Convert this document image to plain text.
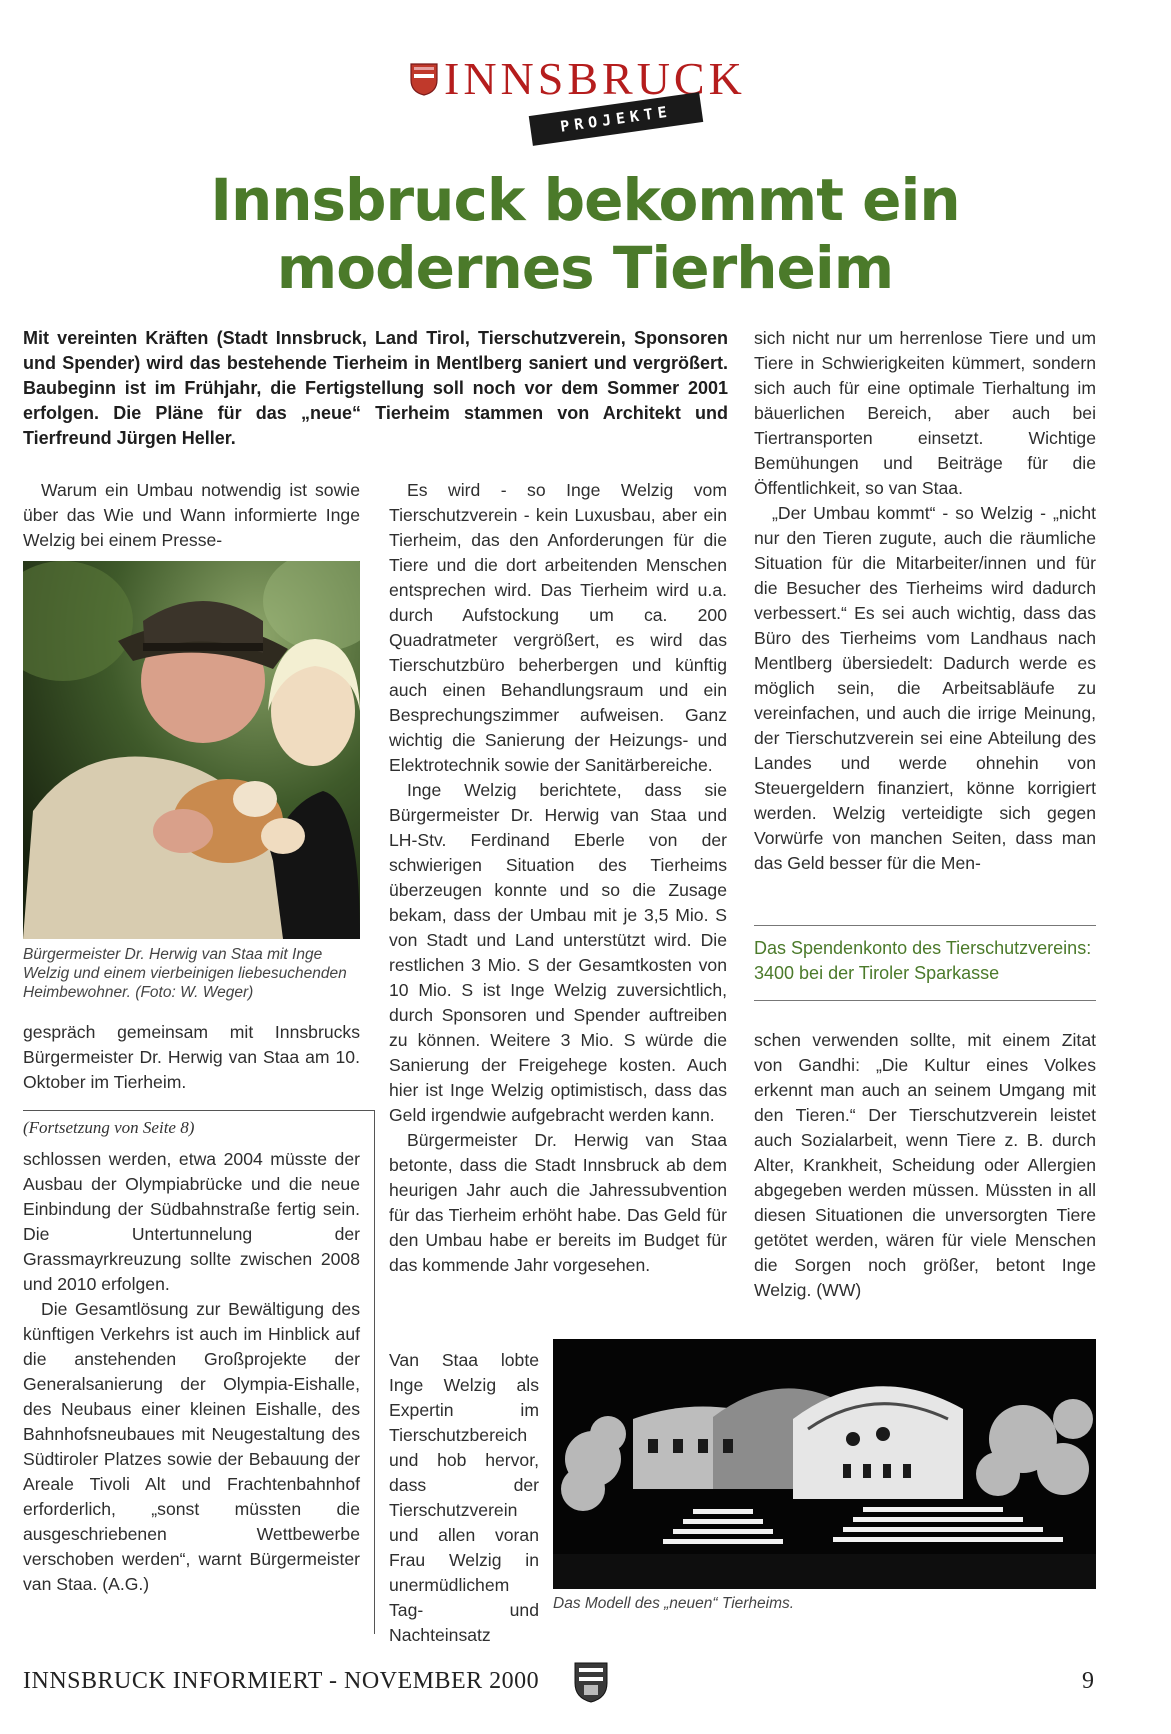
INNSBRUCK
PROJEKTE
Innsbruck bekommt ein
modernes Tierheim

Mit vereinten Kräften (Stadt Innsbruck, Land Tirol, Tierschutzverein, Sponsoren und Spender) wird das bestehende Tierheim in Mentlberg saniert und vergrößert. Baubeginn ist im Frühjahr, die Fertigstellung soll noch vor dem Sommer 2001 erfolgen. Die Pläne für das „neue“ Tierheim stammen von Architekt und Tierfreund Jürgen Heller.

Warum ein Umbau notwendig ist sowie über das Wie und Wann informierte Inge Welzig bei einem Presse-

Bürgermeister Dr. Herwig van Staa mit Inge Welzig und einem vierbeinigen liebesuchenden Heimbewohner. (Foto: W. Weger)

gespräch gemeinsam mit Innsbrucks Bürgermeister Dr. Herwig van Staa am 10. Oktober im Tierheim.

(Fortsetzung von Seite 8)

schlossen werden, etwa 2004 müsste der Ausbau der Olympiabrücke und die neue Einbindung der Südbahnstraße fertig sein. Die Untertunnelung der Grassmayrkreuzung sollte zwischen 2008 und 2010 erfolgen.

Die Gesamtlösung zur Bewältigung des künftigen Verkehrs ist auch im Hinblick auf die anstehenden Großprojekte der Generalsanierung der Olympia-Eishalle, des Neubaus einer kleinen Eishalle, des Bahnhofsneubaues mit Neugestaltung des Südtiroler Platzes sowie der Bebauung der Areale Tivoli Alt und Frachtenbahnhof erforderlich, „sonst müssten die ausgeschriebenen Wettbewerbe verschoben werden“, warnt Bürgermeister van Staa. (A.G.)

Es wird - so Inge Welzig vom Tierschutzverein - kein Luxusbau, aber ein Tierheim, das den Anforderungen für die Tiere und die dort arbeitenden Menschen entsprechen wird. Das Tierheim wird u.a. durch Aufstockung um ca. 200 Quadratmeter vergrößert, es wird das Tierschutzbüro beherbergen und künftig auch einen Behandlungsraum und ein Besprechungszimmer aufweisen. Ganz wichtig die Sanierung der Heizungs- und Elektrotechnik sowie der Sanitärbereiche.

Inge Welzig berichtete, dass sie Bürgermeister Dr. Herwig van Staa und LH-Stv. Ferdinand Eberle von der schwierigen Situation des Tierheims überzeugen konnte und so die Zusage bekam, dass der Umbau mit je 3,5 Mio. S von Stadt und Land unterstützt wird. Die restlichen 3 Mio. S der Gesamtkosten von 10 Mio. S ist Inge Welzig zuversichtlich, durch Sponsoren und Spender auftreiben zu können. Weitere 3 Mio. S würde die Sanierung der Freigehege kosten. Auch hier ist Inge Welzig optimistisch, dass das Geld irgendwie aufgebracht werden kann.

Bürgermeister Dr. Herwig van Staa betonte, dass die Stadt Innsbruck ab dem heurigen Jahr auch die Jahressubvention für das Tierheim erhöht habe. Das Geld für den Umbau habe er bereits im Budget für das kommende Jahr vorgesehen.

Van Staa lobte Inge Welzig als Expertin im Tierschutzbereich und hob hervor, dass der Tierschutzverein und allen voran Frau Welzig in unermüdlichem Tag- und Nachteinsatz

sich nicht nur um herrenlose Tiere und um Tiere in Schwierigkeiten kümmert, sondern sich auch für eine optimale Tierhaltung im bäuerlichen Bereich, aber auch bei Tiertransporten einsetzt. Wichtige Bemühungen und Beiträge für die Öffentlichkeit, so van Staa.

„Der Umbau kommt“ - so Welzig - „nicht nur den Tieren zugute, auch die räumliche Situation für die Mitarbeiter/innen und für die Besucher des Tierheims wird dadurch verbessert.“ Es sei auch wichtig, dass das Büro des Tierheims vom Landhaus nach Mentlberg übersiedelt: Dadurch werde es möglich sein, die Arbeitsabläufe zu vereinfachen, und auch die irrige Meinung, der Tierschutzverein sei eine Abteilung des Landes und werde ohnehin von Steuergeldern finanziert, könne korrigiert werden. Welzig verteidigte sich gegen Vorwürfe von manchen Seiten, dass man das Geld besser für die Men-

Das Spendenkonto des Tierschutzvereins: 3400 bei der Tiroler Sparkasse

schen verwenden sollte, mit einem Zitat von Gandhi: „Die Kultur eines Volkes erkennt man auch an seinem Umgang mit den Tieren.“ Der Tierschutzverein leistet auch Sozialarbeit, wenn Tiere z. B. durch Alter, Krankheit, Scheidung oder Allergien abgegeben werden müssen. Müssten in all diesen Situationen die unversorgten Tiere getötet werden, wären für viele Menschen die Sorgen noch größer, betont Inge Welzig. (WW)

Das Modell des „neuen“ Tierheims.
INNSBRUCK INFORMIERT - NOVEMBER 2000	9
